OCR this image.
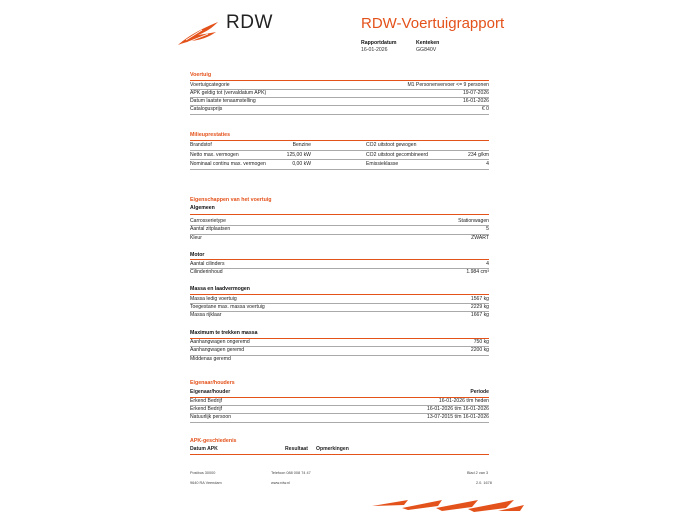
RDW	RDW-Voertuigrapport
Rapportdatum
16-01-2026
Kenteken
GG840V
Voertuig
Voertuigcategorie	M1 Personenvervoer <= 9 personen
APK geldig tot (vervaldatum APK)	19-07-2026
Datum laatste tenaamstelling	16-01-2026
Catalogusprijs	€ 0
Milieuprestaties
Brandstof	Benzine	CO2 uitstoot gewogen
Netto max. vermogen	125,00 kW	CO2 uitstoot gecombineerd	234 g/km
Nominaal continu max. vermogen	0,00 kW	Emissieklasse	4
Eigenschappen van het voertuig
Algemeen
Carrosserietype	Stationwagen
Aantal zitplaatsen	5
Kleur	ZWART
Motor
Aantal cilinders	4
Cilinderinhoud	1.984 cm³
Massa en laadvermogen
Massa ledig voertuig	1567 kg
Toegestane max. massa voertuig	2229 kg
Massa rijklaar	1667 kg
Maximum te trekken massa
Aanhangwagen ongeremd	750 kg
Aanhangwagen geremd	2200 kg
Middenas geremd
Eigenaar/houders
Eigenaar/houder	Periode
Erkend Bedrijf	16-01-2026 t/m heden
Erkend Bedrijf	16-01-2026 t/m 16-01-2026
Natuurlijk persoon	13-07-2015 t/m 16-01-2026
APK-geschiedenis
Datum APK	Resultaat Opmerkingen
Postbus 30000
9640 RA Veendam
Telefoon 088 008 74 47
www.rdw.nl
Blad 2 van 3
2.0. 1678
